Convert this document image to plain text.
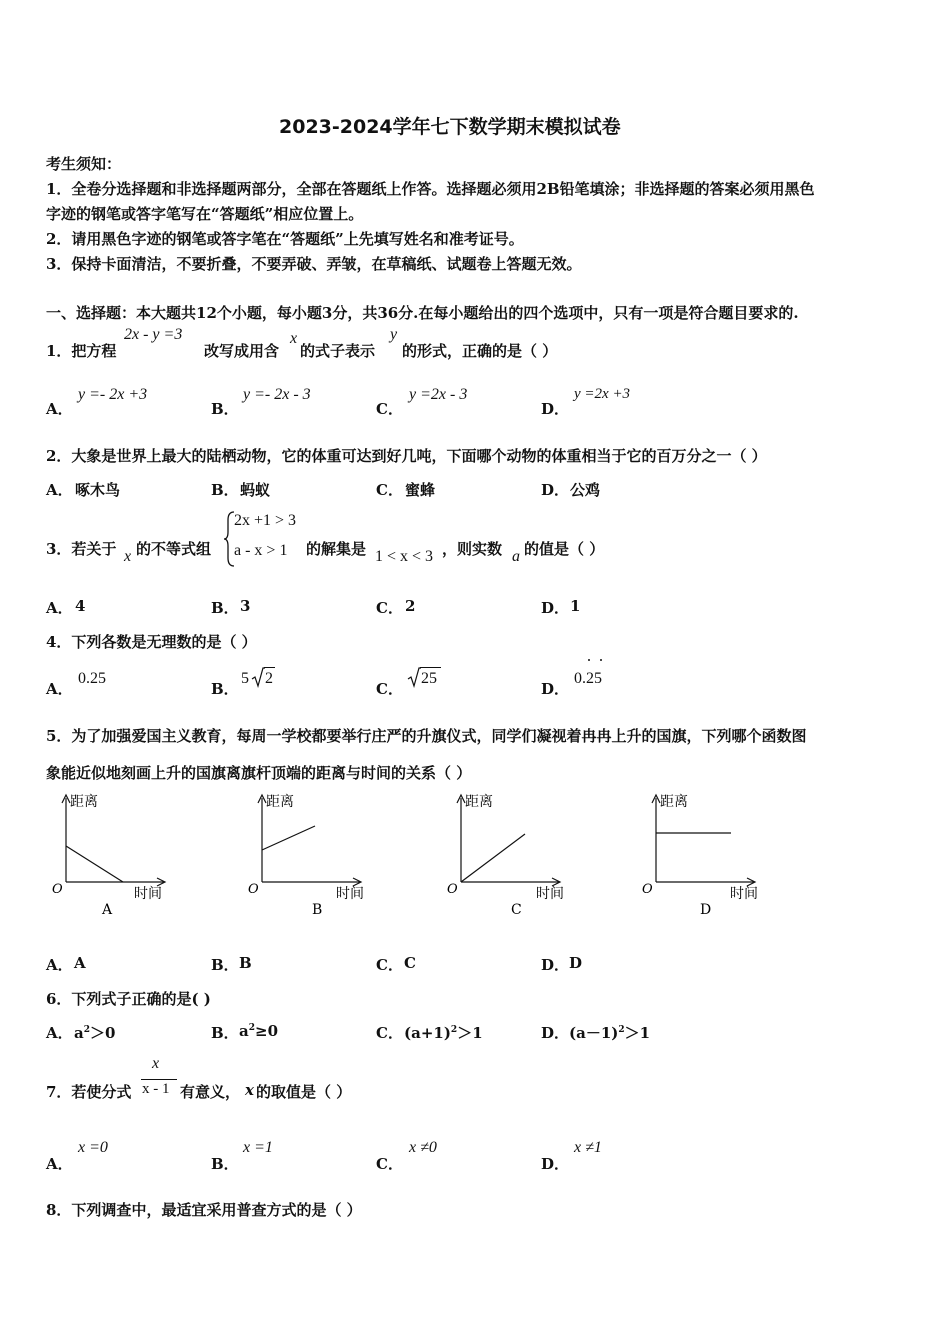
2023-2024学年七下数学期末模拟试卷
考生须知：
1．全卷分选择题和非选择题两部分，全部在答题纸上作答。选择题必须用2B铅笔填涂；非选择题的答案必须用黑色
字迹的钢笔或答字笔写在“答题纸”相应位置上。
2．请用黑色字迹的钢笔或答字笔在“答题纸”上先填写姓名和准考证号。
3．保持卡面清洁，不要折叠，不要弄破、弄皱，在草稿纸、试题卷上答题无效。
一、选择题：本大题共12个小题，每小题3分，共36分.在每小题给出的四个选项中，只有一项是符合题目要求的.
1．把方程
2x - y =3
改写成用含
x
的式子表示
y
的形式，正确的是（ ）
A．
y =- 2x +3
B．
y =- 2x - 3
C．
y =2x - 3
D．
y =2x +3
2．大象是世界上最大的陆栖动物，它的体重可达到好几吨，下面哪个动物的体重相当于它的百万分之一（ ）
A． 啄木鸟	B． 蚂蚁	C． 蜜蜂	D． 公鸡
3．若关于 x 的不等式组
2x +1 > 3
a - x > 1 的解集是 1 < x < 3 ，则实数 a 的值是（ ）
A． 4	B． 3	C． 2	D． 1
4．下列各数是无理数的是（ ）
A．
0.25
B．
5 2
C．
25
D．
0.25
5．为了加强爱国主义教育，每周一学校都要举行庄严的升旗仪式，同学们凝视着冉冉上升的国旗，下列哪个函数图
象能近似地刻画上升的国旗离旗杆顶端的距离与时间的关系（ ）
距离
O	时间
A
距离
O	时间
B
距离
O	时间
C
距离
O	时间
D
A． A	B． B	C． C	D． D
6．下列式子正确的是( )
A． $a^2>0$	B． $a^2\ge 0$	C． $(a+1)^2>1$	D． $(a-1)^2>1$
7．若使分式
x
x - 1 有意义， x 的取值是（ ）
A．
x =0
B．
x =1
C．
x ≠0
D．
x ≠1
8．下列调查中，最适宜采用普查方式的是（ ）
